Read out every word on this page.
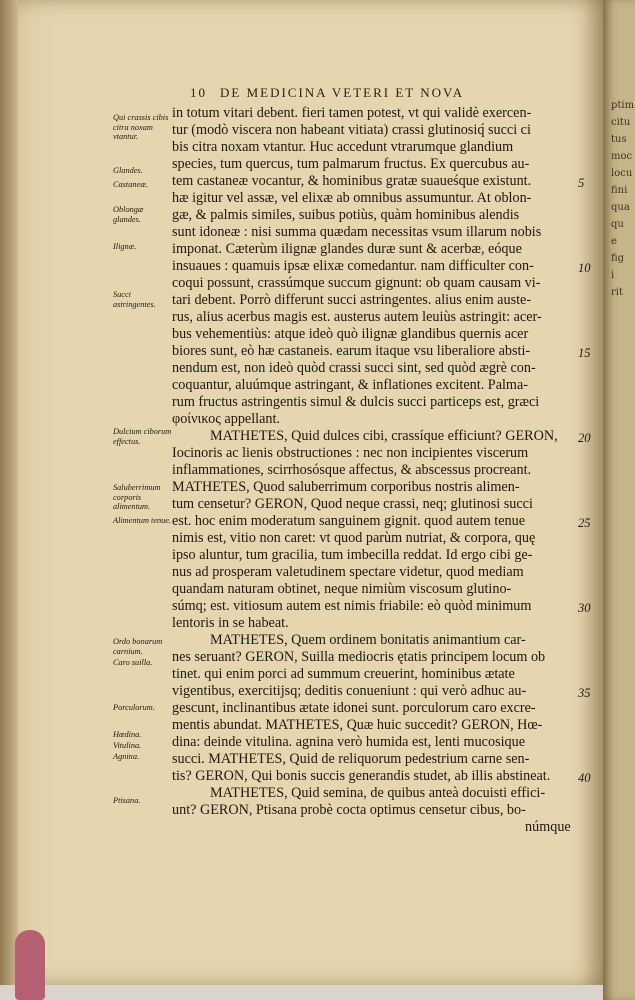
10 DE MEDICINA VETERI ET NOVA
Qui crassis cibis citra noxam vtantur.
Glandes.
Castaneæ.
Oblongæ glandes.
Ilignæ.
Succi astringentes.
Dulcium ciborum effectus.
Saluberrimum corporis alimentum.
Alimentum tenue.
Ordo bonarum carnium.
Caro suilla.
Porculorum.
Hœdina.
Vitulina.
Agnina.
Ptisana.
in totum vitari debent. fieri tamen potest, vt qui validè exercen-
tur (modò viscera non habeant vitiata) crassi glutinosiq́ succi ci
bis citra noxam vtantur. Huc accedunt vtrarumque glandium
species, tum quercus, tum palmarum fructus. Ex quercubus au-
tem castaneæ vocantur, & hominibus gratæ suaueśque existunt.
hæ igitur vel assæ, vel elixæ ab omnibus assumuntur. At oblon-
gæ, & palmis similes, suibus potiùs, quàm hominibus alendis
sunt idoneæ : nisi summa quædam necessitas vsum illarum nobis
imponat. Cæterùm ilignæ glandes duræ sunt & acerbæ, eóque
insuaues : quamuis ipsæ elixæ comedantur. nam difficulter con-
coqui possunt, crassúmque succum gignunt: ob quam causam vi-
tari debent. Porrò differunt succi astringentes. alius enim auste-
rus, alius acerbus magis est. austerus autem leuiùs astringit: acer-
bus vehementiùs: atque ideò quò ilignæ glandibus quernis acer
biores sunt, eò hæ castaneis. earum itaque vsu liberaliore absti-
nendum est, non ideò quòd crassi succi sint, sed quòd ægrè con-
coquantur, aluúmque astringant, & inflationes excitent. Palma-
rum fructus astringentis simul & dulcis succi particeps est, græci
φοίνικος appellant.
MATHETES, Quid dulces cibi, crassíque efficiunt? GERON,
Iocinoris ac lienis obstructiones : nec non incipientes viscerum
inflammationes, scirrhosósque affectus, & abscessus procreant.
MATHETES, Quod saluberrimum corporibus nostris alimen-
tum censetur? GERON, Quod neque crassi, neq; glutinosi succi
est. hoc enim moderatum sanguinem gignit. quod autem tenue
nimis est, vitio non caret: vt quod parùm nutriat, & corpora, quę
ipso aluntur, tum gracilia, tum imbecilla reddat. Id ergo cibi ge-
nus ad prosperam valetudinem spectare videtur, quod mediam
quandam naturam obtinet, neque nimiùm viscosum glutino-
súmq; est. vitiosum autem est nimis friabile: eò quòd minimum
lentoris in se habeat.
MATHETES, Quem ordinem bonitatis animantium car-
nes seruant? GERON, Suilla mediocris ętatis principem locum ob
tinet. qui enim porci ad summum creuerint, hominibus ætate
vigentibus, exercitijsq; deditis conueniunt : qui verò adhuc au-
gescunt, inclinantibus ætate idonei sunt. porculorum caro excre-
mentis abundat. MATHETES, Quæ huic succedit? GERON, Hœ-
dina: deinde vitulina. agnina verò humida est, lenti mucosique
succi. MATHETES, Quid de reliquorum pedestrium carne sen-
tis? GERON, Qui bonis succis generandis studet, ab illis abstineat.
MATHETES, Quid semina, de quibus anteà docuisti effici-
unt? GERON, Ptisana probè cocta optimus censetur cibus, bo-
númque
5
10
15
20
25
30
35
40
ptim
citu
tus
moc
locu
fini
qua
qu
e
fig
i
rit
